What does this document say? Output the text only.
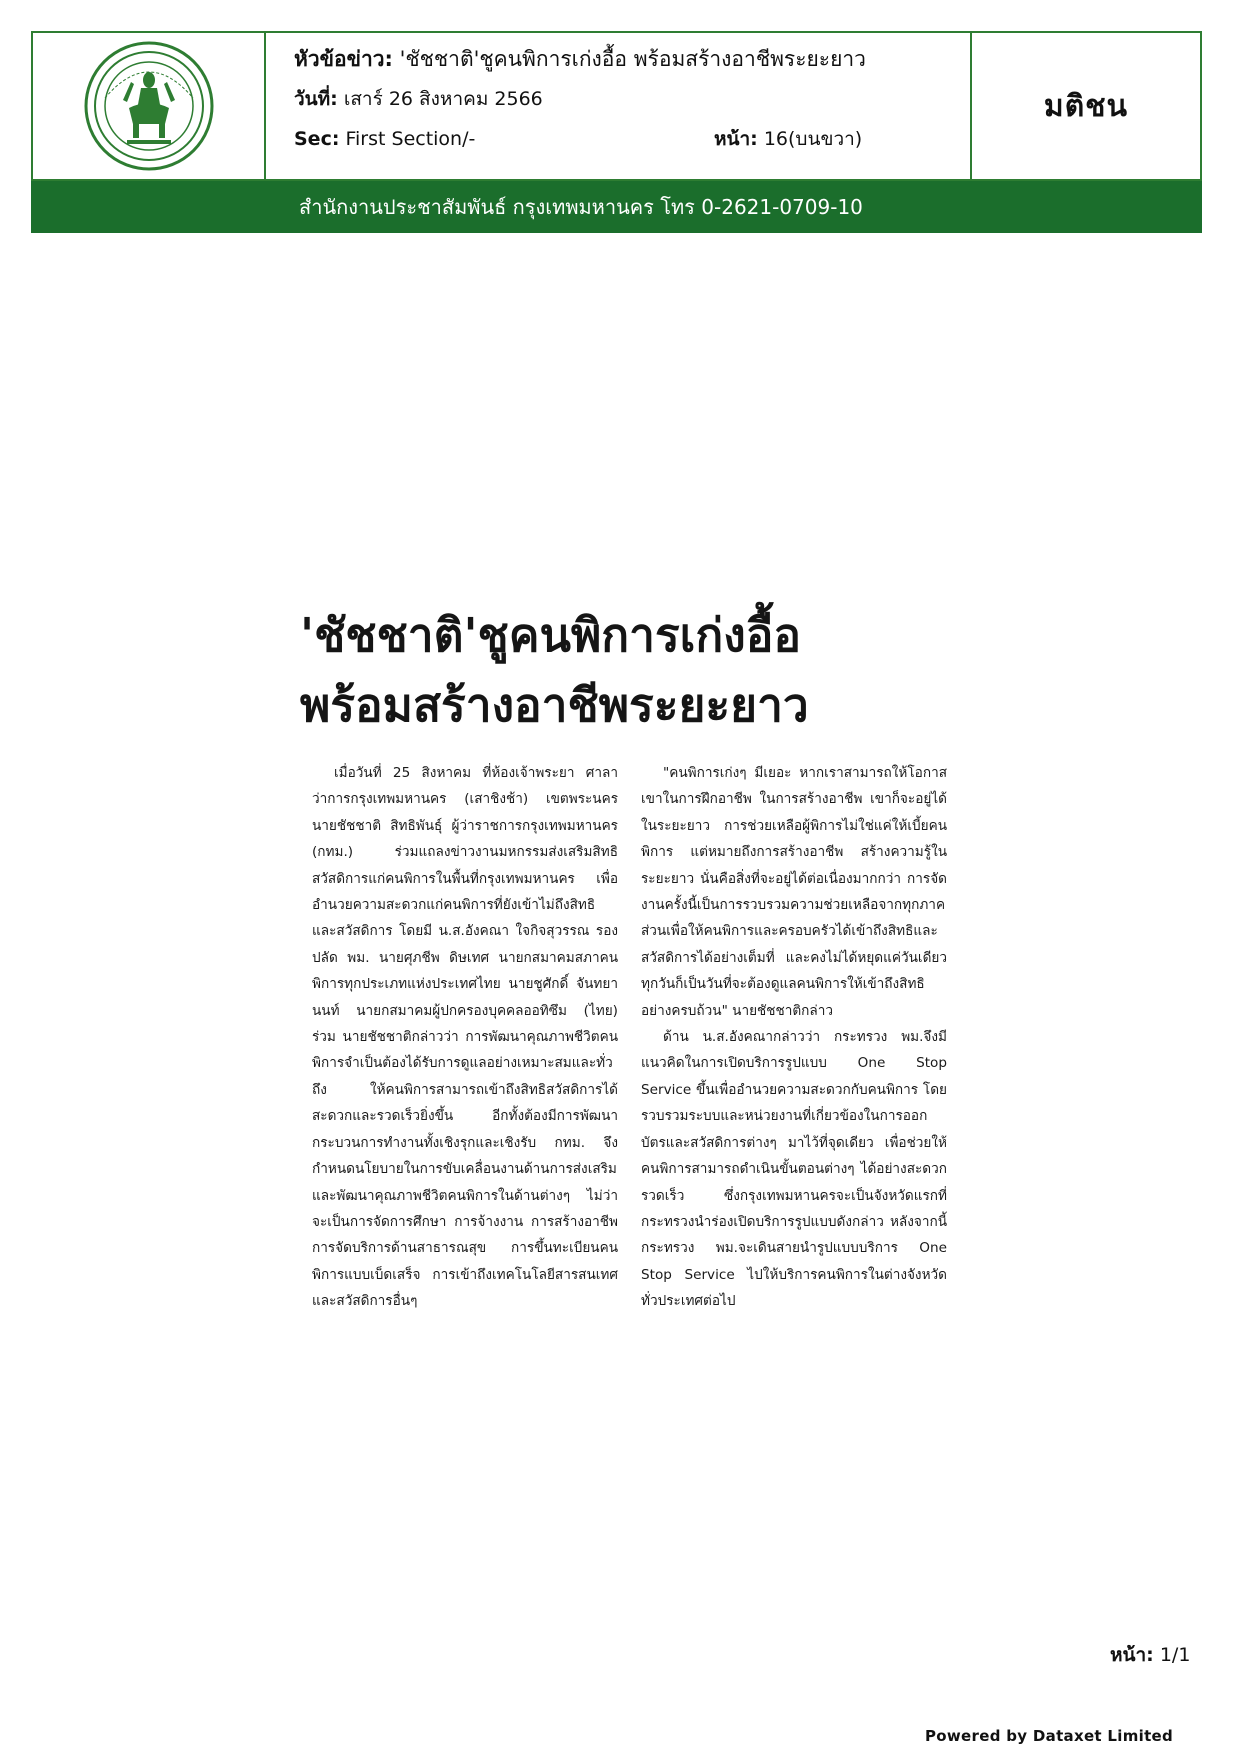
หัวข้อข่าว: 'ชัชชาติ'ชูคนพิการเก่งอื้อ พร้อมสร้างอาชีพระยะยาว
วันที่: เสาร์ 26 สิงหาคม 2566
Sec: First Section/-	หน้า: 16(บนขวา)
มติชน
สำนักงานประชาสัมพันธ์ กรุงเทพมหานคร โทร 0-2621-0709-10
'ชัชชาติ'ชูคนพิการเก่งอื้อ
พร้อมสร้างอาชีพระยะยาว

เมื่อวันที่ 25 สิงหาคม ที่ห้องเจ้าพระยา ศาลาว่าการกรุงเทพมหานคร (เสาชิงช้า) เขตพระนคร นายชัชชาติ สิทธิพันธุ์ ผู้ว่าราชการกรุงเทพมหานคร (กทม.) ร่วมแถลงข่าวงานมหกรรมส่งเสริมสิทธิสวัสดิการแก่คนพิการในพื้นที่กรุงเทพมหานคร เพื่ออำนวยความสะดวกแก่คนพิการที่ยังเข้าไม่ถึงสิทธิและสวัสดิการ โดยมี น.ส.อังคณา ใจกิจสุวรรณ รองปลัด พม. นายศุภชีพ ดิษเทศ นายกสมาคมสภาคนพิการทุกประเภทแห่งประเทศไทย นายชูศักดิ์ จันทยานนท์ นายกสมาคมผู้ปกครองบุคคลออทิซึม (ไทย) ร่วม นายชัชชาติกล่าวว่า การพัฒนาคุณภาพชีวิตคนพิการจำเป็นต้องได้รับการดูแลอย่างเหมาะสมและทั่วถึง ให้คนพิการสามารถเข้าถึงสิทธิสวัสดิการได้สะดวกและรวดเร็วยิ่งขึ้น อีกทั้งต้องมีการพัฒนากระบวนการทำงานทั้งเชิงรุกและเชิงรับ กทม. จึงกำหนดนโยบายในการขับเคลื่อนงานด้านการส่งเสริมและพัฒนาคุณภาพชีวิตคนพิการในด้านต่างๆ ไม่ว่าจะเป็นการจัดการศึกษา การจ้างงาน การสร้างอาชีพ การจัดบริการด้านสาธารณสุข การขึ้นทะเบียนคนพิการแบบเบ็ดเสร็จ การเข้าถึงเทคโนโลยีสารสนเทศ และสวัสดิการอื่นๆ

"คนพิการเก่งๆ มีเยอะ หากเราสามารถให้โอกาสเขาในการฝึกอาชีพ ในการสร้างอาชีพ เขาก็จะอยู่ได้ในระยะยาว การช่วยเหลือผู้พิการไม่ใช่แค่ให้เบี้ยคนพิการ แต่หมายถึงการสร้างอาชีพ สร้างความรู้ในระยะยาว นั่นคือสิ่งที่จะอยู่ได้ต่อเนื่องมากกว่า การจัดงานครั้งนี้เป็นการรวบรวมความช่วยเหลือจากทุกภาคส่วนเพื่อให้คนพิการและครอบครัวได้เข้าถึงสิทธิและสวัสดิการได้อย่างเต็มที่ และคงไม่ได้หยุดแค่วันเดียว ทุกวันก็เป็นวันที่จะต้องดูแลคนพิการให้เข้าถึงสิทธิอย่างครบถ้วน" นายชัชชาติกล่าว

ด้าน น.ส.อังคณากล่าวว่า กระทรวง พม.จึงมีแนวคิดในการเปิดบริการรูปแบบ One Stop Service ขึ้นเพื่ออำนวยความสะดวกกับคนพิการ โดยรวบรวมระบบและหน่วยงานที่เกี่ยวข้องในการออกบัตรและสวัสดิการต่างๆ มาไว้ที่จุดเดียว เพื่อช่วยให้คนพิการสามารถดำเนินขั้นตอนต่างๆ ได้อย่างสะดวก รวดเร็ว ซึ่งกรุงเทพมหานครจะเป็นจังหวัดแรกที่กระทรวงนำร่องเปิดบริการรูปแบบดังกล่าว หลังจากนี้กระทรวง พม.จะเดินสายนำรูปแบบบริการ One Stop Service ไปให้บริการคนพิการในต่างจังหวัดทั่วประเทศต่อไป

หน้า: 1/1
Powered by Dataxet Limited
